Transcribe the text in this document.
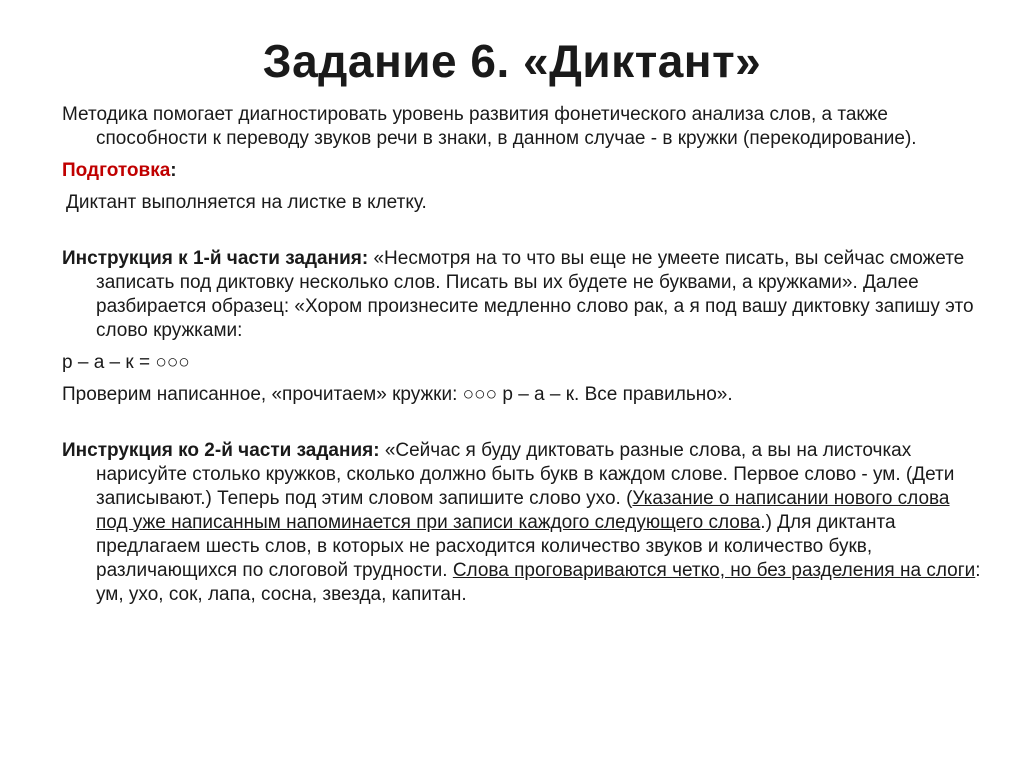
Задание 6. «Диктант»

Методика помогает диагностировать уровень развития фонетического анализа слов, а также способности к переводу звуков речи в знаки, в данном случае - в кружки (перекодирование).

Подготовка:

Диктант выполняется на листке в клетку.

Инструкция к 1-й части задания: «Несмотря на то что вы еще не умеете писать, вы сейчас сможете записать под диктовку несколько слов. Писать вы их будете не буквами, а кружками». Далее разбирается образец: «Хором произнесите медленно слово рак, а я под вашу диктовку запишу это слово кружками:

р – а – к = ○○○

Проверим написанное, «прочитаем» кружки: ○○○ р – а – к. Все правильно».

Инструкция ко 2-й части задания: «Сейчас я буду диктовать разные слова, а вы на листочках нарисуйте столько кружков, сколько должно быть букв в каждом слове. Первое слово - ум. (Дети записывают.) Теперь под этим словом запишите слово ухо. (Указание о написании нового слова под уже написанным напоминается при записи каждого следующего слова.) Для диктанта предлагаем шесть слов, в которых не расходится количество звуков и количество букв, различающихся по слоговой трудности. Слова проговариваются четко, но без разделения на слоги: ум, ухо, сок, лапа, сосна, звезда, капитан.
